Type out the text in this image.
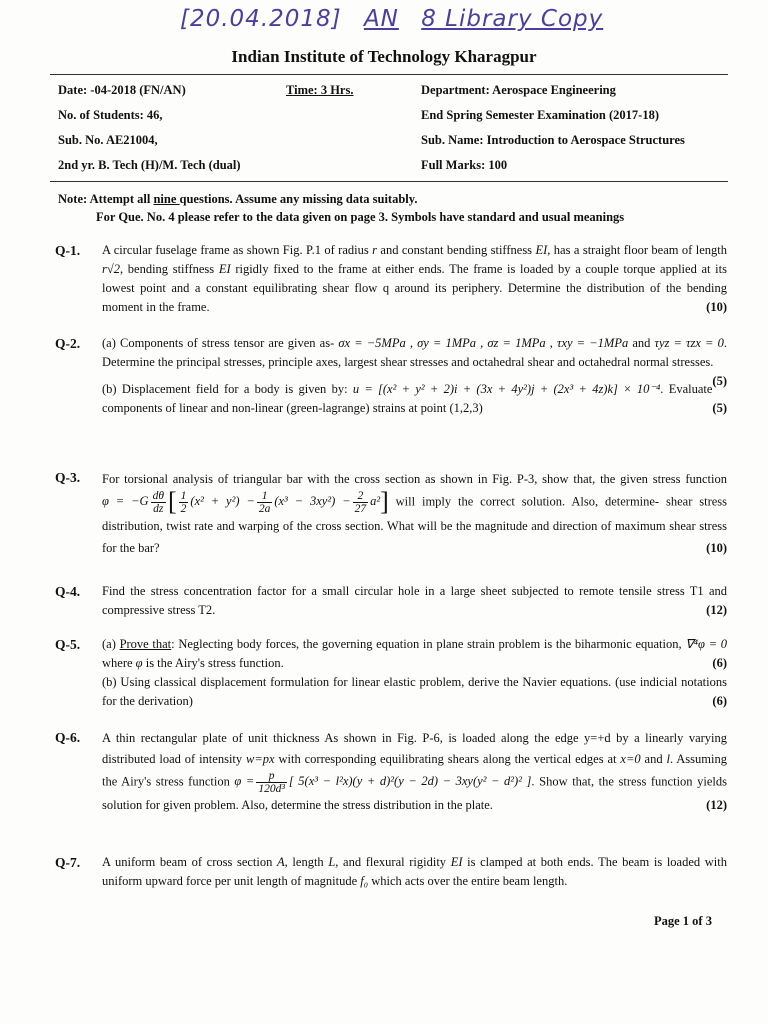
[20.04.2018] AN 8 Library Copy
Indian Institute of Technology Kharagpur
Date: -04-2018 (FN/AN)	Time: 3 Hrs.	Department: Aerospace Engineering
No. of Students: 46,	End Spring Semester Examination (2017-18)
Sub. No. AE21004,	Sub. Name: Introduction to Aerospace Structures
2nd yr. B. Tech (H)/M. Tech (dual)	Full Marks: 100
Note: Attempt all nine questions. Assume any missing data suitably.
For Que. No. 4 please refer to the data given on page 3. Symbols have standard and usual meanings
Q-1. A circular fuselage frame as shown Fig. P.1 of radius r and constant bending stiffness EI, has a straight floor beam of length r√2, bending stiffness EI rigidly fixed to the frame at either ends. The frame is loaded by a couple torque applied at its lowest point and a constant equilibrating shear flow q around its periphery. Determine the distribution of the bending moment in the frame.	(10)
Q-2. (a) Components of stress tensor are given as- σx = −5MPa , σy = 1MPa , σz = 1MPa , τxy = −1MPa and τyz = τzx = 0. Determine the principal stresses, principle axes, largest shear stresses and octahedral shear and octahedral normal stresses.
(5)

(b) Displacement field for a body is given by: u = [(x² + y² + 2)i + (3x + 4y²)j + (2x³ + 4z)k] × 10⁻⁴. Evaluate components of linear and non-linear (green-lagrange) strains at point (1,2,3)	(5)

Q-3. For torsional analysis of triangular bar with the cross section as shown in Fig. P-3, show that, the given stress function $\varphi = -G \frac{d\theta}{dz}$ [ $\frac{1}{2} (x^2 + y^2) - \frac{1}{2a} (x^3 - 3xy^2) - \frac{2}{27} a^2$] will imply the correct solution. Also, determine- shear stress distribution, twist rate and warping of the cross section. What will be the magnitude and direction of maximum shear stress for the bar?	(10)
Q-4. Find the stress concentration factor for a small circular hole in a large sheet subjected to remote tensile stress T1 and compressive stress T2.	(12)
Q-5. (a) Prove that: Neglecting body forces, the governing equation in plane strain problem is the biharmonic equation, ∇⁴φ = 0 where φ is the Airy's stress function.	(6)

(b) Using classical displacement formulation for linear elastic problem, derive the Navier equations. (use indicial notations for the derivation)	(6)

Q-6. A thin rectangular plate of unit thickness As shown in Fig. P-6, is loaded along the edge y=+d by a linearly varying distributed load of intensity w=px with corresponding equilibrating shears along the vertical edges at x=0 and l. Assuming the Airy's stress function $\varphi = \frac{p}{\text{120d³}}$ [ 5(x³ − l²x)(y + d)²(y − 2d) − 3xy(y² − d²)² ]. Show that, the stress function yields solution for given problem. Also, determine the stress distribution in the plate.	(12)
Q-7. A uniform beam of cross section A, length L, and flexural rigidity EI is clamped at both ends. The beam is loaded with uniform upward force per unit length of magnitude f₀ which acts over the entire beam length.
Page 1 of 3
